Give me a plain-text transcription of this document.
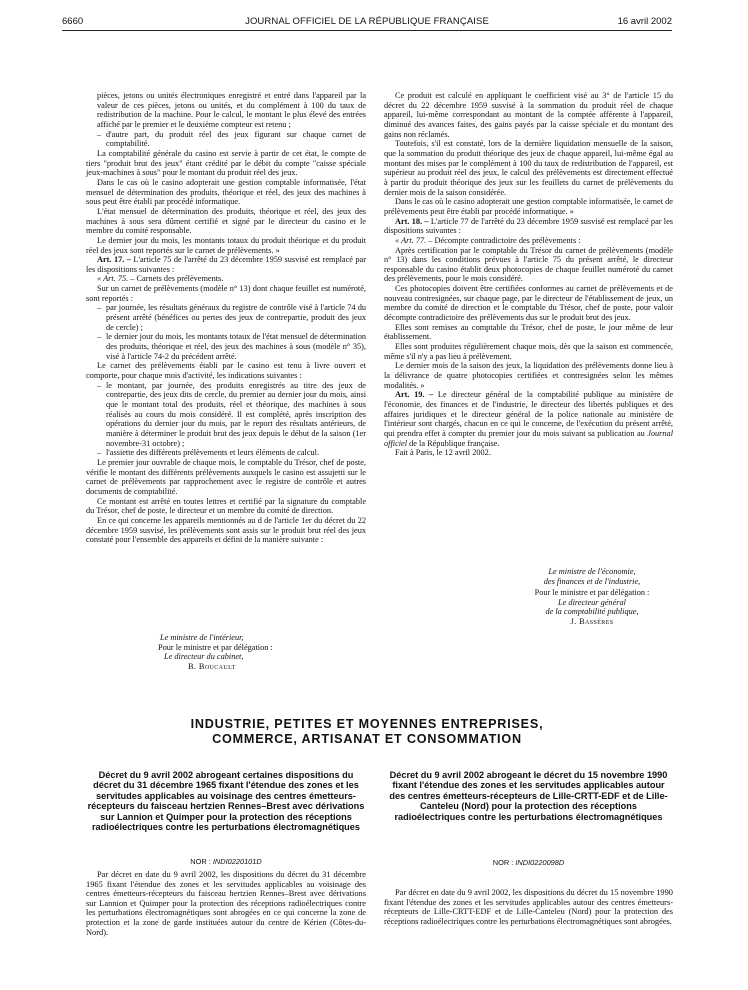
6660	JOURNAL OFFICIEL DE LA RÉPUBLIQUE FRANÇAISE	16 avril 2002

pièces, jetons ou unités électroniques enregistré et entré dans l'appareil par la valeur de ces pièces, jetons ou unités, et du complément à 100 du taux de redistribution de la machine. Pour le calcul, le montant le plus élevé des entrées affiché par le premier et le deuxième compteur est retenu ;

– d'autre part, du produit réel des jeux figurant sur chaque carnet de comptabilité.

La comptabilité générale du casino est servie à partir de cet état, le compte de tiers "produit brut des jeux" étant crédité par le débit du compte "caisse spéciale jeux-machines à sous" pour le montant du produit réel des jeux.

Dans le cas où le casino adopterait une gestion comptable informatisée, l'état mensuel de détermination des produits, théorique et réel, des jeux des machines à sous peut être établi par procédé informatique.

L'état mensuel de détermination des produits, théorique et réel, des jeux des machines à sous sera dûment certifié et signé par le directeur du casino et le membre du comité responsable.

Le dernier jour du mois, les montants totaux du produit théorique et du produit réel des jeux sont reportés sur le carnet de prélèvements. »

Art. 17. – L'article 75 de l'arrêté du 23 décembre 1959 susvisé est remplacé par les dispositions suivantes :

« Art. 75. – Carnets des prélèvements.

Sur un carnet de prélèvements (modèle n° 13) dont chaque feuillet est numéroté, sont reportés :

– par journée, les résultats généraux du registre de contrôle visé à l'article 74 du présent arrêté (bénéfices ou pertes des jeux de contrepartie, produit des jeux de cercle) ;

– le dernier jour du mois, les montants totaux de l'état mensuel de détermination des produits, théorique et réel, des jeux des machines à sous (modèle n° 35), visé à l'article 74-2 du précédent arrêté.

Le carnet des prélèvements établi par le casino est tenu à livre ouvert et comporte, pour chaque mois d'activité, les indications suivantes :

– le montant, par journée, des produits enregistrés au titre des jeux de contrepartie, des jeux dits de cercle, du premier au dernier jour du mois, ainsi que le montant total des produits, réel et théorique, des machines à sous réalisés au cours du mois considéré. Il est complété, après inscription des opérations du dernier jour du mois, par le report des résultats antérieurs, de manière à déterminer le produit brut des jeux depuis le début de la saison (1er novembre-31 octobre) ;

– l'assiette des différents prélèvements et leurs éléments de calcul.

Le premier jour ouvrable de chaque mois, le comptable du Trésor, chef de poste, vérifie le montant des différents prélèvements auxquels le casino est assujetti sur le carnet de prélèvements par rapprochement avec le registre de contrôle et autres documents de comptabilité.

Ce montant est arrêté en toutes lettres et certifié par la signature du comptable du Trésor, chef de poste, le directeur et un membre du comité de direction.

En ce qui concerne les appareils mentionnés au d de l'article 1er du décret du 22 décembre 1959 susvisé, les prélèvements sont assis sur le produit brut réel des jeux constaté pour l'ensemble des appareils et défini de la manière suivante :

Ce produit est calculé en appliquant le coefficient visé au 3° de l'article 15 du décret du 22 décembre 1959 susvisé à la sommation du produit réel de chaque appareil, lui-même correspondant au montant de la comptée afférente à l'appareil, diminué des avances faites, des gains payés par la caisse spéciale et du montant des gains non réclamés.

Toutefois, s'il est constaté, lors de la dernière liquidation mensuelle de la saison, que la sommation du produit théorique des jeux de chaque appareil, lui-même égal au montant des mises par le complément à 100 du taux de redistribution de l'appareil, est supérieur au produit réel des jeux, le calcul des prélèvements est directement effectué à partir du produit théorique des jeux sur les feuillets du carnet de prélèvements du dernier mois de la saison considérée.

Dans le cas où le casino adopterait une gestion comptable informatisée, le carnet de prélèvements peut être établi par procédé informatique. »

Art. 18. – L'article 77 de l'arrêté du 23 décembre 1959 susvisé est remplacé par les dispositions suivantes :

« Art. 77. – Décompte contradictoire des prélèvements :

Après certification par le comptable du Trésor du carnet de prélèvements (modèle n° 13) dans les conditions prévues à l'article 75 du présent arrêté, le directeur responsable du casino établit deux photocopies de chaque feuillet numéroté du carnet des prélèvements, pour le mois considéré.

Ces photocopies doivent être certifiées conformes au carnet de prélèvements et de nouveau contresignées, sur chaque page, par le directeur de l'établissement de jeux, un membre du comité de direction et le comptable du Trésor, chef de poste, pour valoir décompte contradictoire des prélèvements dus sur le produit brut des jeux.

Elles sont remises au comptable du Trésor, chef de poste, le jour même de leur établissement.

Elles sont produites régulièrement chaque mois, dès que la saison est commencée, même s'il n'y a pas lieu à prélèvement.

Le dernier mois de la saison des jeux, la liquidation des prélèvements donne lieu à la délivrance de quatre photocopies certifiées et contresignées selon les mêmes modalités. »

Art. 19. – Le directeur général de la comptabilité publique au ministère de l'économie, des finances et de l'industrie, le directeur des libertés publiques et des affaires juridiques et le directeur général de la police nationale au ministère de l'intérieur sont chargés, chacun en ce qui le concerne, de l'exécution du présent arrêté, qui prendra effet à compter du premier jour du mois suivant sa publication au Journal officiel de la République française.

Fait à Paris, le 12 avril 2002.

Le ministre de l'économie,
des finances et de l'industrie,
Pour le ministre et par délégation :
Le directeur général
de la comptabilité publique,
J. Bassères
Le ministre de l'intérieur,
Pour le ministre et par délégation :
Le directeur du cabinet,
B. Boucault
INDUSTRIE, PETITES ET MOYENNES ENTREPRISES,
COMMERCE, ARTISANAT ET CONSOMMATION
Décret du 9 avril 2002 abrogeant certaines dispositions du décret du 31 décembre 1965 fixant l'étendue des zones et les servitudes applicables au voisinage des centres émetteurs-récepteurs du faisceau hertzien Rennes–Brest avec dérivations sur Lannion et Quimper pour la protection des réceptions radioélectriques contre les perturbations électromagnétiques
Décret du 9 avril 2002 abrogeant le décret du 15 novembre 1990 fixant l'étendue des zones et les servitudes applicables autour des centres émetteurs-récepteurs de Lille-CRTT-EDF et de Lille-Canteleu (Nord) pour la protection des réceptions radioélectriques contre les perturbations électromagnétiques
NOR : INDI0220101D	NOR : INDI0220098D

Par décret en date du 9 avril 2002, les dispositions du décret du 31 décembre 1965 fixant l'étendue des zones et les servitudes applicables au voisinage des centres émetteurs-récepteurs du faisceau hertzien Rennes–Brest avec dérivations sur Lannion et Quimper pour la protection des réceptions radioélectriques contre les perturbations électromagnétiques sont abrogées en ce qui concerne la zone de protection et la zone de garde instituées autour du centre de Kérien (Côtes-du-Nord).

Par décret en date du 9 avril 2002, les dispositions du décret du 15 novembre 1990 fixant l'étendue des zones et les servitudes applicables autour des centres émetteurs-récepteurs de Lille-CRTT-EDF et de Lille-Canteleu (Nord) pour la protection des réceptions radioélectriques contre les perturbations électromagnétiques sont abrogées.
